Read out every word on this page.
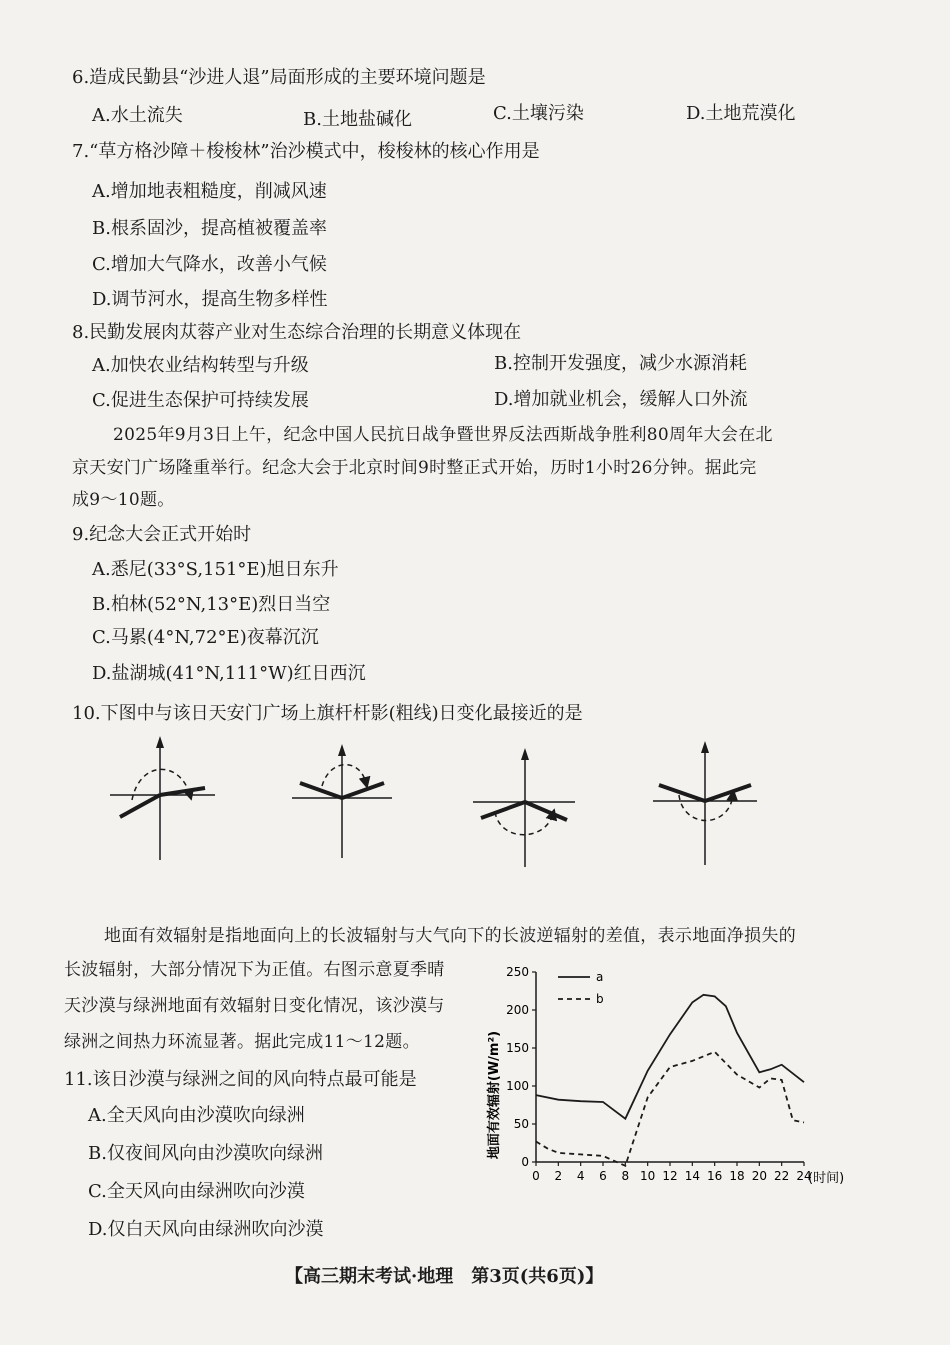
6.造成民勤县“沙进人退”局面形成的主要环境问题是
A.水土流失	B.土地盐碱化	C.土壤污染	D.土地荒漠化
7.“草方格沙障＋梭梭林”治沙模式中，梭梭林的核心作用是
A.增加地表粗糙度，削减风速
B.根系固沙，提高植被覆盖率
C.增加大气降水，改善小气候
D.调节河水，提高生物多样性
8.民勤发展肉苁蓉产业对生态综合治理的长期意义体现在
A.加快农业结构转型与升级	B.控制开发强度，减少水源消耗
C.促进生态保护可持续发展	D.增加就业机会，缓解人口外流
2025年9月3日上午，纪念中国人民抗日战争暨世界反法西斯战争胜利80周年大会在北
京天安门广场隆重举行。纪念大会于北京时间9时整正式开始，历时1小时26分钟。据此完
成9～10题。
9.纪念大会正式开始时
A.悉尼(33°S,151°E)旭日东升
B.柏林(52°N,13°E)烈日当空
C.马累(4°N,72°E)夜幕沉沉
D.盐湖城(41°N,111°W)红日西沉
10.下图中与该日天安门广场上旗杆杆影(粗线)日变化最接近的是
地面有效辐射是指地面向上的长波辐射与大气向下的长波逆辐射的差值，表示地面净损失的
长波辐射，大部分情况下为正值。右图示意夏季晴
天沙漠与绿洲地面有效辐射日变化情况，该沙漠与
绿洲之间热力环流显著。据此完成11～12题。
11.该日沙漠与绿洲之间的风向特点最可能是
A.全天风向由沙漠吹向绿洲
B.仅夜间风向由沙漠吹向绿洲
C.全天风向由绿洲吹向沙漠
D.仅白天风向由绿洲吹向沙漠
0
50
100
150
200
250
0 2 4 6 8 10 12 14 16 18 20 22 24
a
b
地面有效辐射(W/m²)
(时间)
【高三期末考试·地理　第3页(共6页)】
